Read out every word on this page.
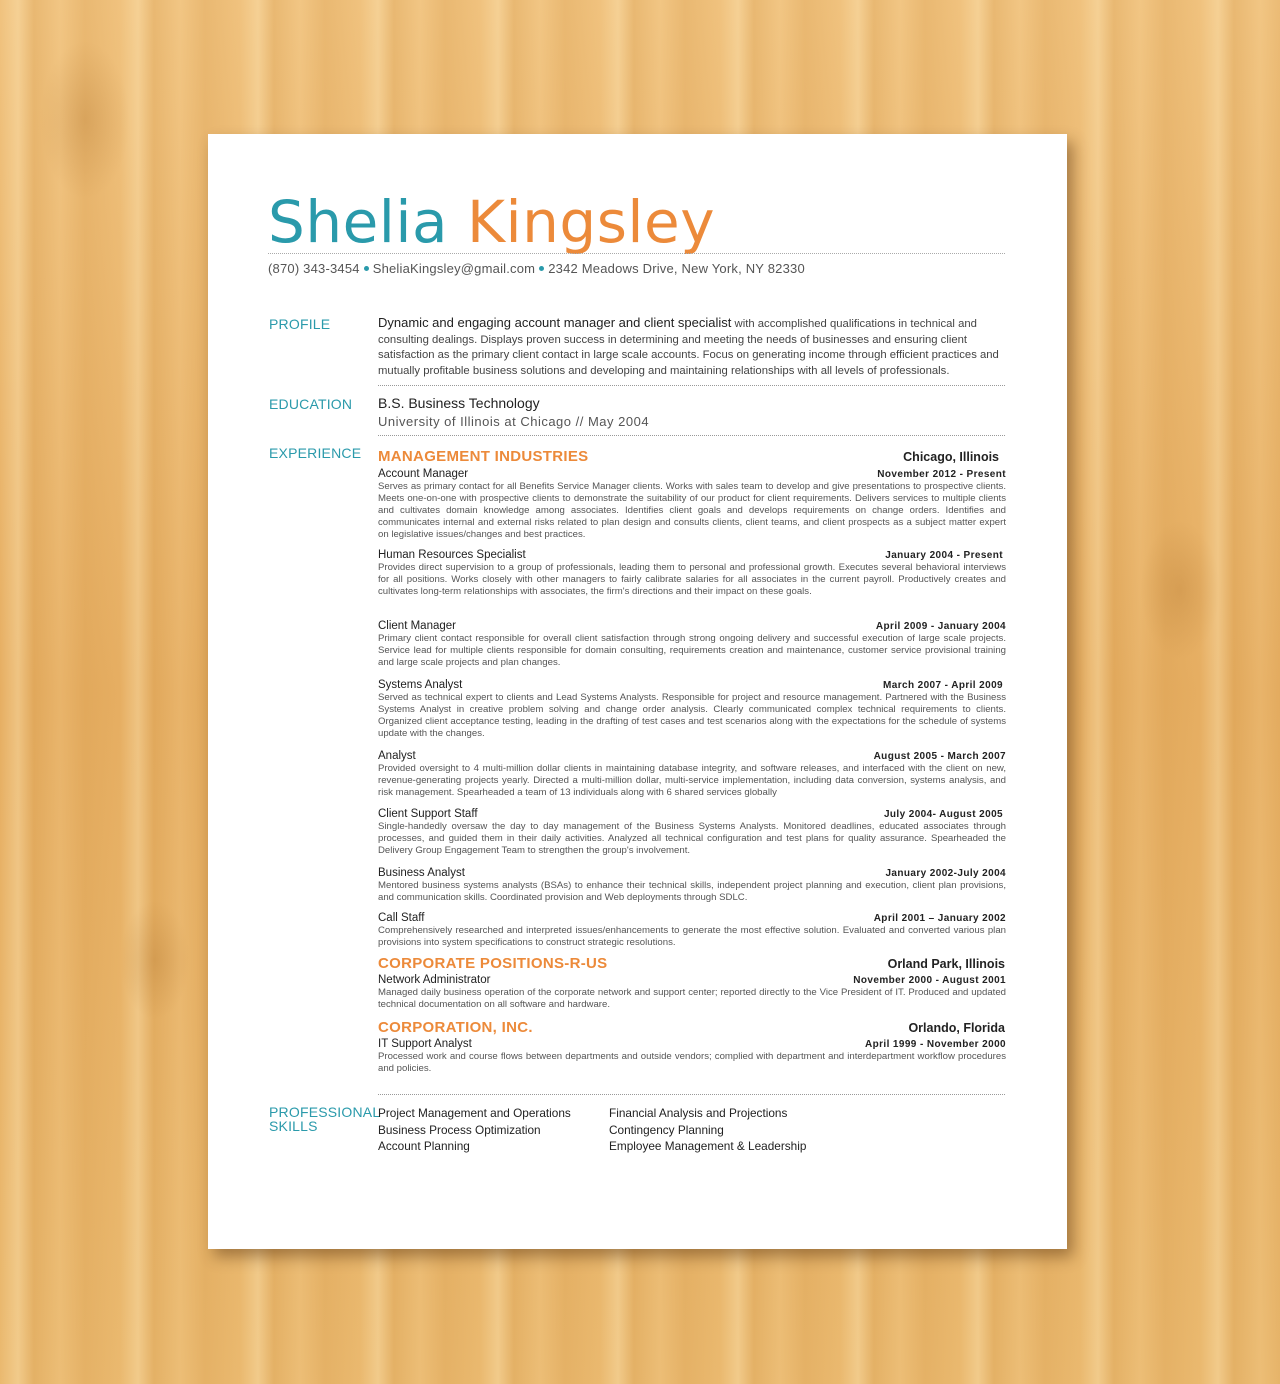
Shelia Kingsley
(870) 343-3454 SheliaKingsley@gmail.com 2342 Meadows Drive, New York, NY 82330
PROFILE	Dynamic and engaging account manager and client specialist with accomplished qualifications in technical and consulting dealings. Displays proven success in determining and meeting the needs of businesses and ensuring client satisfaction as the primary client contact in large scale accounts. Focus on generating income through efficient practices and mutually profitable business solutions and developing and maintaining relationships with all levels of professionals.
EDUCATION B.S. Business Technology
University of Illinois at Chicago // May 2004
EXPERIENCE MANAGEMENT INDUSTRIES	Chicago, Illinois
Account Manager	November 2012 - Present
Serves as primary contact for all Benefits Service Manager clients. Works with sales team to develop and give presentations to prospective clients. Meets one-on-one with prospective clients to demonstrate the suitability of our product for client requirements. Delivers services to multiple clients and cultivates domain knowledge among associates. Identifies client goals and develops requirements on change orders. Identifies and communicates internal and external risks related to plan design and consults clients, client teams, and client prospects as a subject matter expert on legislative issues/changes and best practices.
Human Resources Specialist	January 2004 - Present
Provides direct supervision to a group of professionals, leading them to personal and professional growth. Executes several behavioral interviews for all positions. Works closely with other managers to fairly calibrate salaries for all associates in the current payroll. Productively creates and cultivates long-term relationships with associates, the firm's directions and their impact on these goals.
Client Manager	April 2009 - January 2004
Primary client contact responsible for overall client satisfaction through strong ongoing delivery and successful execution of large scale projects. Service lead for multiple clients responsible for domain consulting, requirements creation and maintenance, customer service provisional training and large scale projects and plan changes.
Systems Analyst	March 2007 - April 2009
Served as technical expert to clients and Lead Systems Analysts. Responsible for project and resource management. Partnered with the Business Systems Analyst in creative problem solving and change order analysis. Clearly communicated complex technical requirements to clients. Organized client acceptance testing, leading in the drafting of test cases and test scenarios along with the expectations for the schedule of systems update with the changes.
Analyst	August 2005 - March 2007
Provided oversight to 4 multi-million dollar clients in maintaining database integrity, and software releases, and interfaced with the client on new, revenue-generating projects yearly. Directed a multi-million dollar, multi-service implementation, including data conversion, systems analysis, and risk management. Spearheaded a team of 13 individuals along with 6 shared services globally
Client Support Staff	July 2004- August 2005
Single-handedly oversaw the day to day management of the Business Systems Analysts. Monitored deadlines, educated associates through processes, and guided them in their daily activities. Analyzed all technical configuration and test plans for quality assurance. Spearheaded the Delivery Group Engagement Team to strengthen the group's involvement.
Business Analyst	January 2002-July 2004
Mentored business systems analysts (BSAs) to enhance their technical skills, independent project planning and execution, client plan provisions, and communication skills. Coordinated provision and Web deployments through SDLC.
Call Staff	April 2001 – January 2002
Comprehensively researched and interpreted issues/enhancements to generate the most effective solution. Evaluated and converted various plan provisions into system specifications to construct strategic resolutions.
CORPORATE POSITIONS-R-US	Orland Park, Illinois
Network Administrator	November 2000 - August 2001
Managed daily business operation of the corporate network and support center; reported directly to the Vice President of IT. Produced and updated technical documentation on all software and hardware.
CORPORATION, INC.	Orlando, Florida
IT Support Analyst	April 1999 - November 2000
Processed work and course flows between departments and outside vendors; complied with department and interdepartment workflow procedures and policies.
PROFESSIONAL
SKILLS
Project Management and Operations
Business Process Optimization
Account Planning
Financial Analysis and Projections
Contingency Planning
Employee Management & Leadership
